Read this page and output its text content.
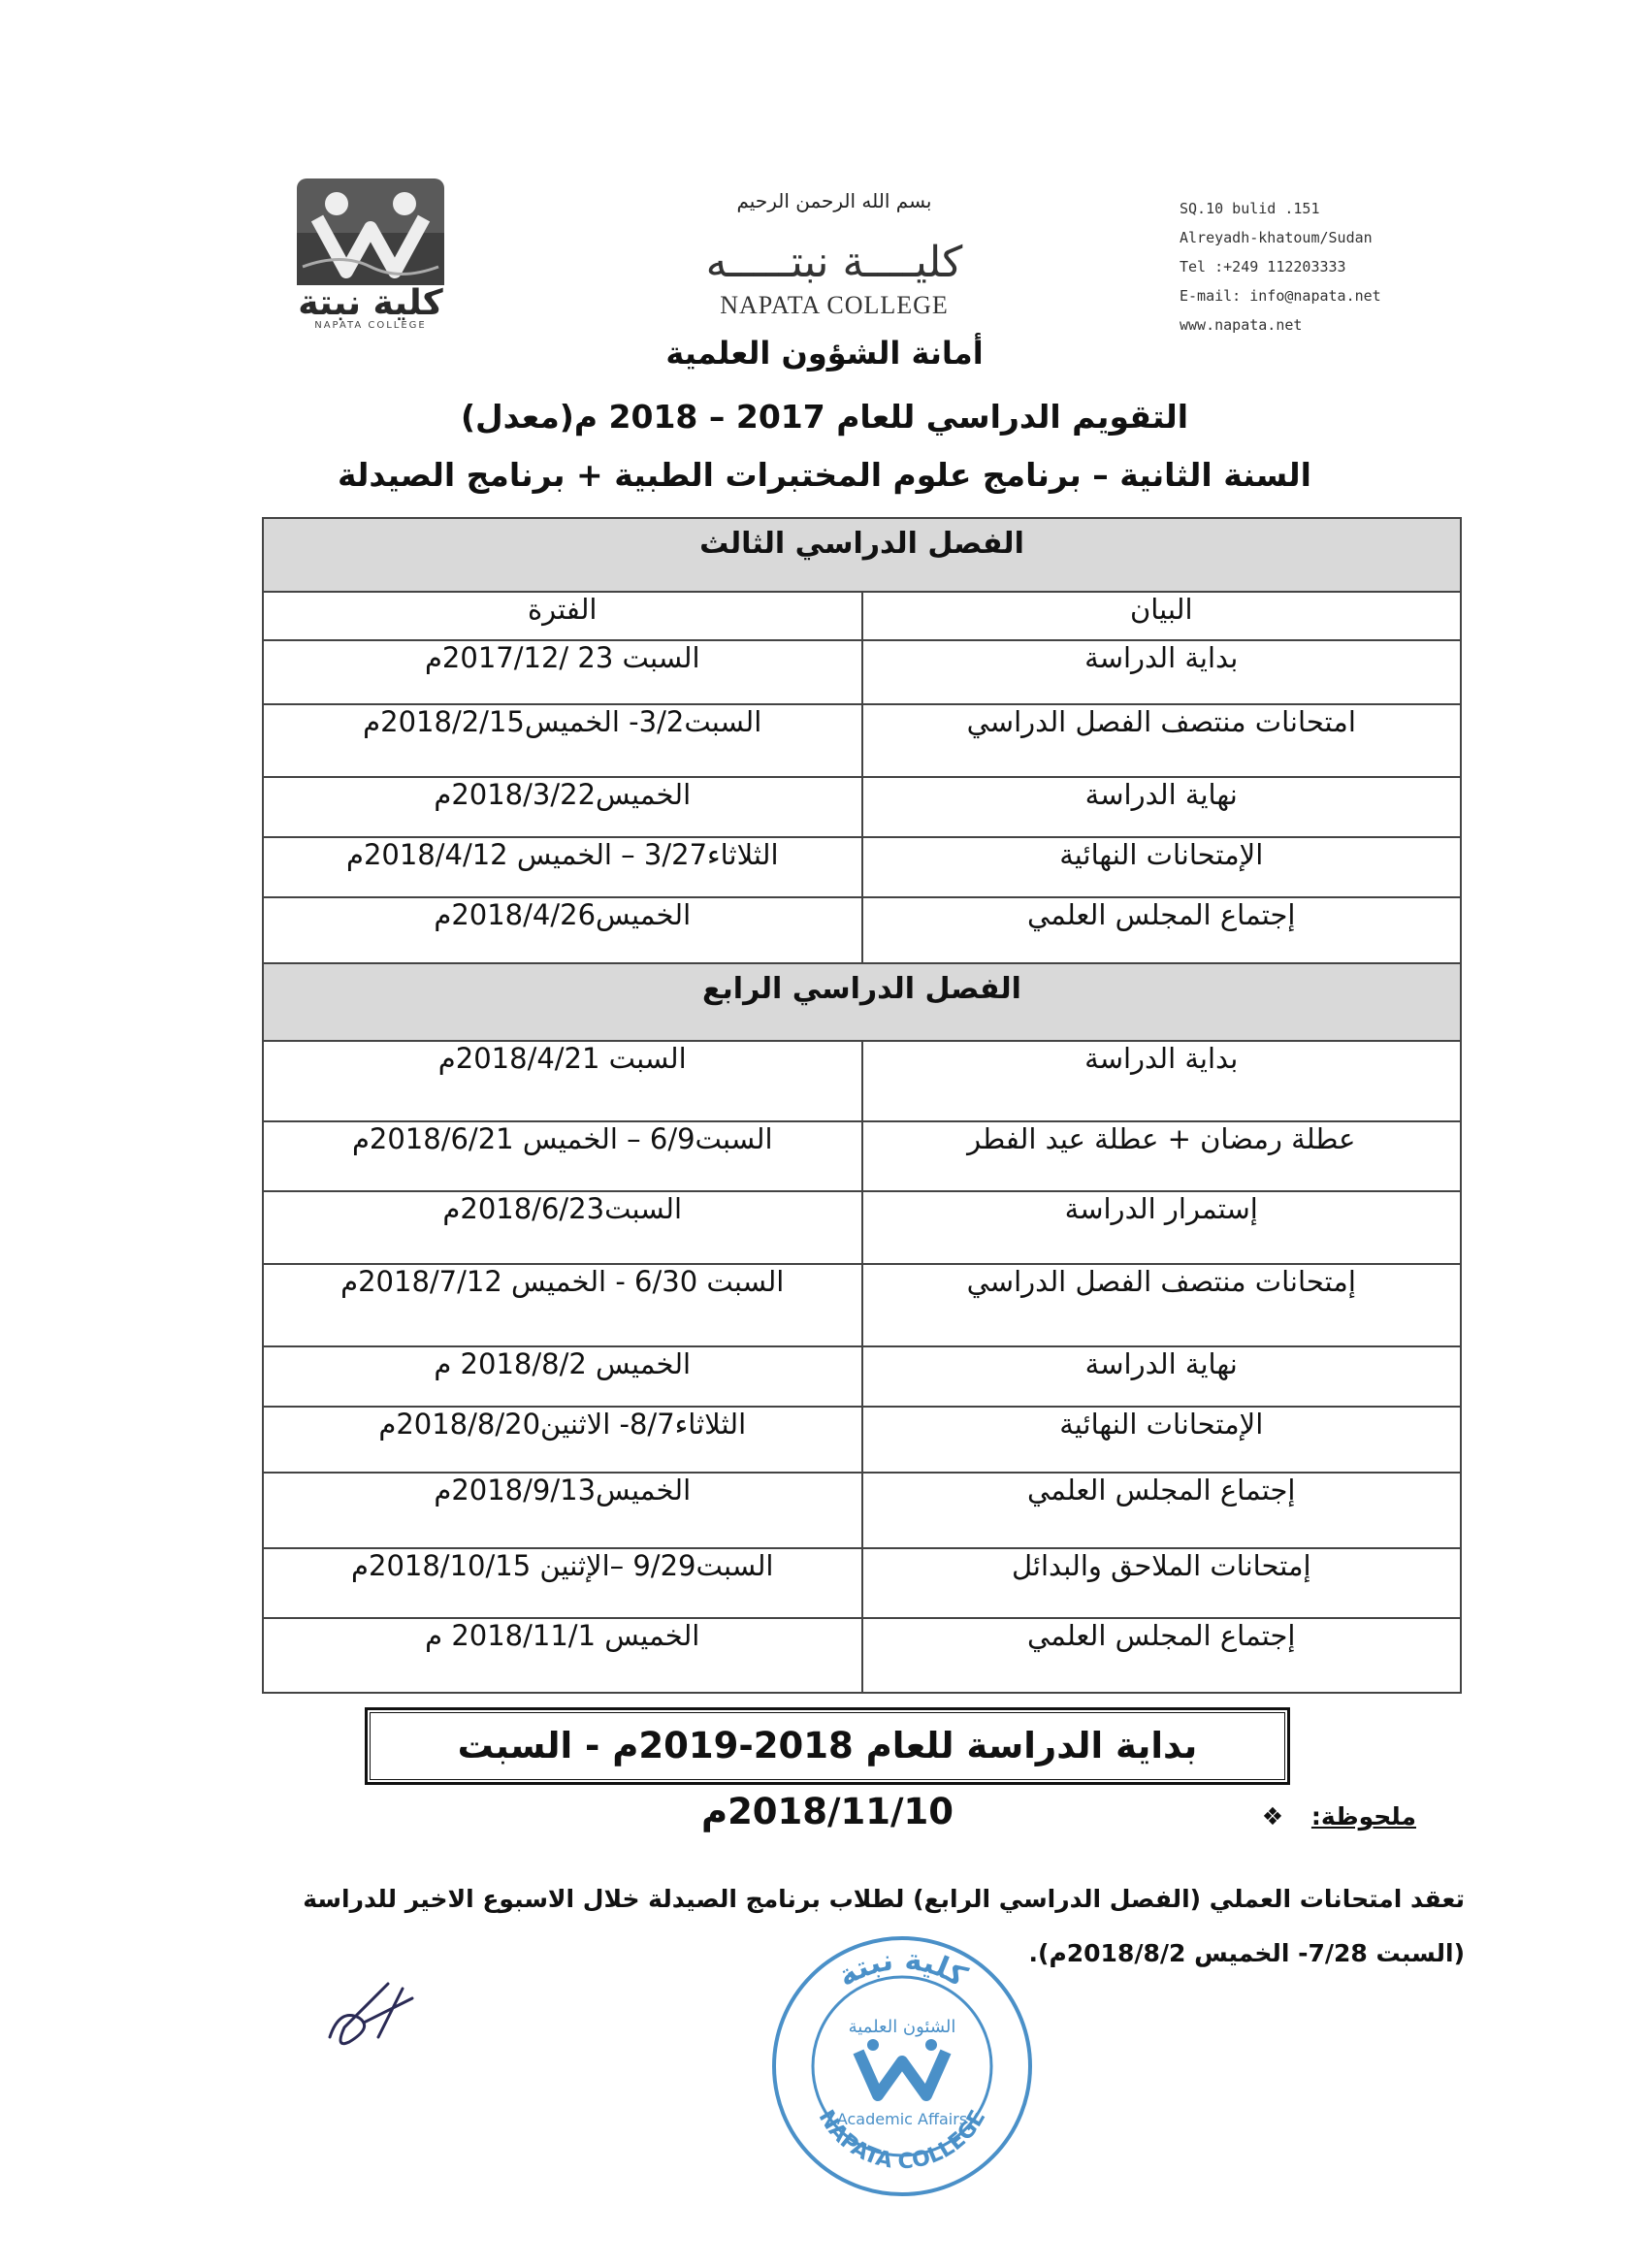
كلية نبتة
NAPATA COLLEGE
بسم الله الرحمن الرحيم
كليــــة نبتـــــه
NAPATA COLLEGE
SQ.10 bulid .151
Alreyadh-khatoum/Sudan
Tel :+249 112203333
E-mail: info@napata.net
www.napata.net
أمانة الشؤون العلمية
التقويم الدراسي للعام 2017 – 2018 م(معدل)
السنة الثانية – برنامج علوم المختبرات الطبية + برنامج الصيدلة
الفصل الدراسي الثالث	
البيان	الفترة
بداية الدراسة	السبت 23 /2017/12م
امتحانات منتصف الفصل الدراسي	السبت3/2- الخميس2018/2/15م
نهاية الدراسة	الخميس2018/3/22م
الإمتحانات النهائية	الثلاثاء3/27 – الخميس 2018/4/12م
إجتماع المجلس العلمي	الخميس2018/4/26م
الفصل الدراسي الرابع	
بداية الدراسة	السبت 2018/4/21م
عطلة رمضان + عطلة عيد الفطر	السبت6/9 – الخميس 2018/6/21م
إستمرار الدراسة	السبت2018/6/23م
إمتحانات منتصف الفصل الدراسي	السبت 6/30 - الخميس 2018/7/12م
نهاية الدراسة	الخميس 2018/8/2 م
الإمتحانات النهائية	الثلاثاء8/7- الاثنين2018/8/20م
إجتماع المجلس العلمي	الخميس2018/9/13م
إمتحانات الملاحق والبدائل	السبت9/29 –الإثنين 2018/10/15م
إجتماع المجلس العلمي	الخميس 2018/11/1 م
بداية الدراسة للعام 2018-2019م - السبت 2018/11/10م	ملحوظة: ❖
تعقد امتحانات العملي (الفصل الدراسي الرابع) لطلاب برنامج الصيدلة خلال الاسبوع الاخير للدراسة (السبت 7/28- الخميس 2018/8/2م).
كلية نبتة
NAPATA COLLEGE
الشئون العلمية
Academic Affairs
